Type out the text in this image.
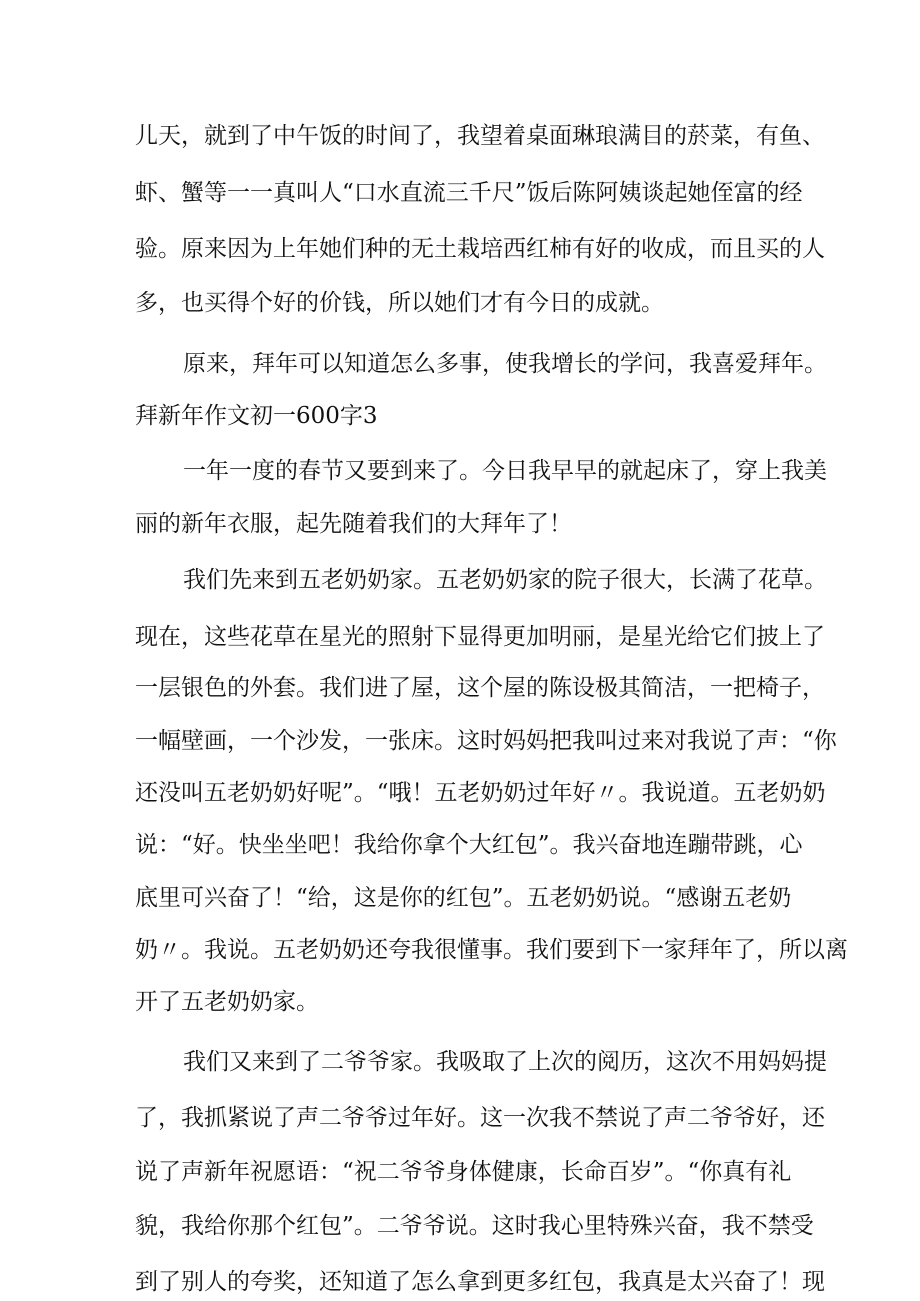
儿天，就到了中午饭的时间了，我望着桌面琳琅满目的菸菜，有鱼、
虾、蟹等一一真叫人“口水直流三千尺”饭后陈阿姨谈起她侄富的经
验。原来因为上年她们种的无土栽培西红柿有好的收成，而且买的人
多，也买得个好的价钱，所以她们才有今日的成就。
原来，拜年可以知道怎么多事，使我增长的学问，我喜爱拜年。
拜新年作文初一600字3
一年一度的春节又要到来了。今日我早早的就起床了，穿上我美
丽的新年衣服，起先随着我们的大拜年了！
我们先来到五老奶奶家。五老奶奶家的院子很大，长满了花草。
现在，这些花草在星光的照射下显得更加明丽，是星光给它们披上了
一层银色的外套。我们进了屋，这个屋的陈设极其简洁，一把椅子，
一幅壁画，一个沙发，一张床。这时妈妈把我叫过来对我说了声：“你
还没叫五老奶奶好呢”。“哦！五老奶奶过年好〃。我说道。五老奶奶
说：“好。快坐坐吧！我给你拿个大红包”。我兴奋地连蹦带跳，心
底里可兴奋了！“给，这是你的红包”。五老奶奶说。“感谢五老奶
奶〃。我说。五老奶奶还夸我很懂事。我们要到下一家拜年了，所以离
开了五老奶奶家。
我们又来到了二爷爷家。我吸取了上次的阅历，这次不用妈妈提
了，我抓紧说了声二爷爷过年好。这一次我不禁说了声二爷爷好，还
说了声新年祝愿语：“祝二爷爷身体健康，长命百岁”。“你真有礼
貌，我给你那个红包”。二爷爷说。这时我心里特殊兴奋，我不禁受
到了别人的夸奖，还知道了怎么拿到更多红包，我真是太兴奋了！现
